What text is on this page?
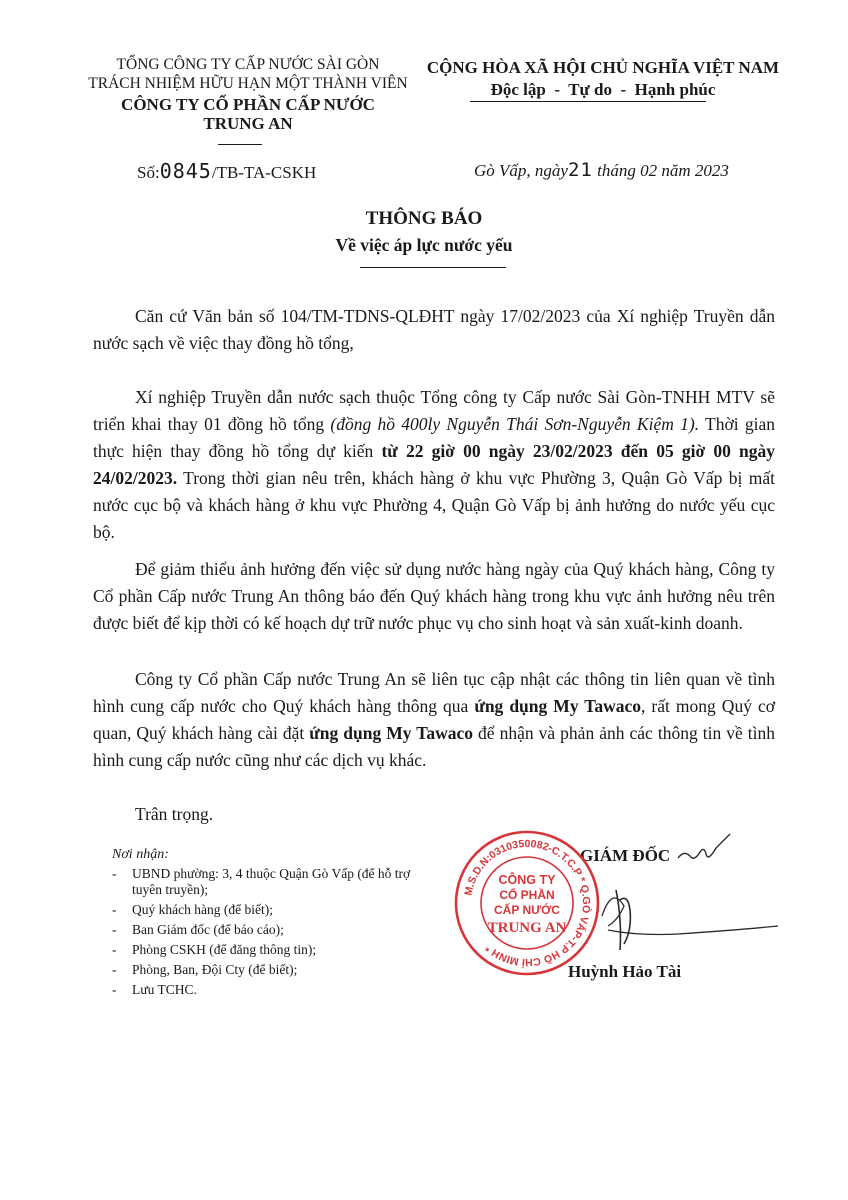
TỔNG CÔNG TY CẤP NƯỚC SÀI GÒN
TRÁCH NHIỆM HỮU HẠN MỘT THÀNH VIÊN
CÔNG TY CỔ PHẦN CẤP NƯỚC
TRUNG AN
CỘNG HÒA XÃ HỘI CHỦ NGHĨA VIỆT NAM
Độc lập  -  Tự do  -  Hạnh phúc
Số:0845/TB-TA-CSKH	Gò Vấp, ngày21 tháng 02 năm 2023
THÔNG BÁO
Về việc áp lực nước yếu
Căn cứ Văn bản số 104/TM-TDNS-QLĐHT ngày 17/02/2023 của Xí nghiệp Truyền dẫn nước sạch về việc thay đồng hồ tổng,
Xí nghiệp Truyền dẫn nước sạch thuộc Tổng công ty Cấp nước Sài Gòn-TNHH MTV sẽ triển khai thay 01 đồng hồ tổng (đồng hồ 400ly Nguyễn Thái Sơn-Nguyễn Kiệm 1). Thời gian thực hiện thay đồng hồ tổng dự kiến từ 22 giờ 00 ngày 23/02/2023 đến 05 giờ 00 ngày 24/02/2023. Trong thời gian nêu trên, khách hàng ở khu vực Phường 3, Quận Gò Vấp bị mất nước cục bộ và khách hàng ở khu vực Phường 4, Quận Gò Vấp bị ảnh hưởng do nước yếu cục bộ.
Để giảm thiểu ảnh hưởng đến việc sử dụng nước hàng ngày của Quý khách hàng, Công ty Cổ phần Cấp nước Trung An thông báo đến Quý khách hàng trong khu vực ảnh hưởng nêu trên được biết để kịp thời có kế hoạch dự trữ nước phục vụ cho sinh hoạt và sản xuất-kinh doanh.
Công ty Cổ phần Cấp nước Trung An sẽ liên tục cập nhật các thông tin liên quan về tình hình cung cấp nước cho Quý khách hàng thông qua ứng dụng My Tawaco, rất mong Quý cơ quan, Quý khách hàng cài đặt ứng dụng My Tawaco để nhận và phản ảnh các thông tin về tình hình cung cấp nước cũng như các dịch vụ khác.
Trân trọng.
Nơi nhận:
- UBND phường: 3, 4 thuộc Quận Gò Vấp (để hỗ trợ tuyên truyền);
- Quý khách hàng (để biết);
- Ban Giám đốc (để báo cáo);
- Phòng CSKH (để đăng thông tin);
- Phòng, Ban, Đội Cty (để biết);
- Lưu TCHC.
GIÁM ĐỐC
Huỳnh Hảo Tài
M.S.D.N:0310350082-C.T.C.P * Q.GÒ VẤP-T.P HỒ CHÍ MINH *
CÔNG TY
CỔ PHẦN
CẤP NƯỚC
TRUNG AN
